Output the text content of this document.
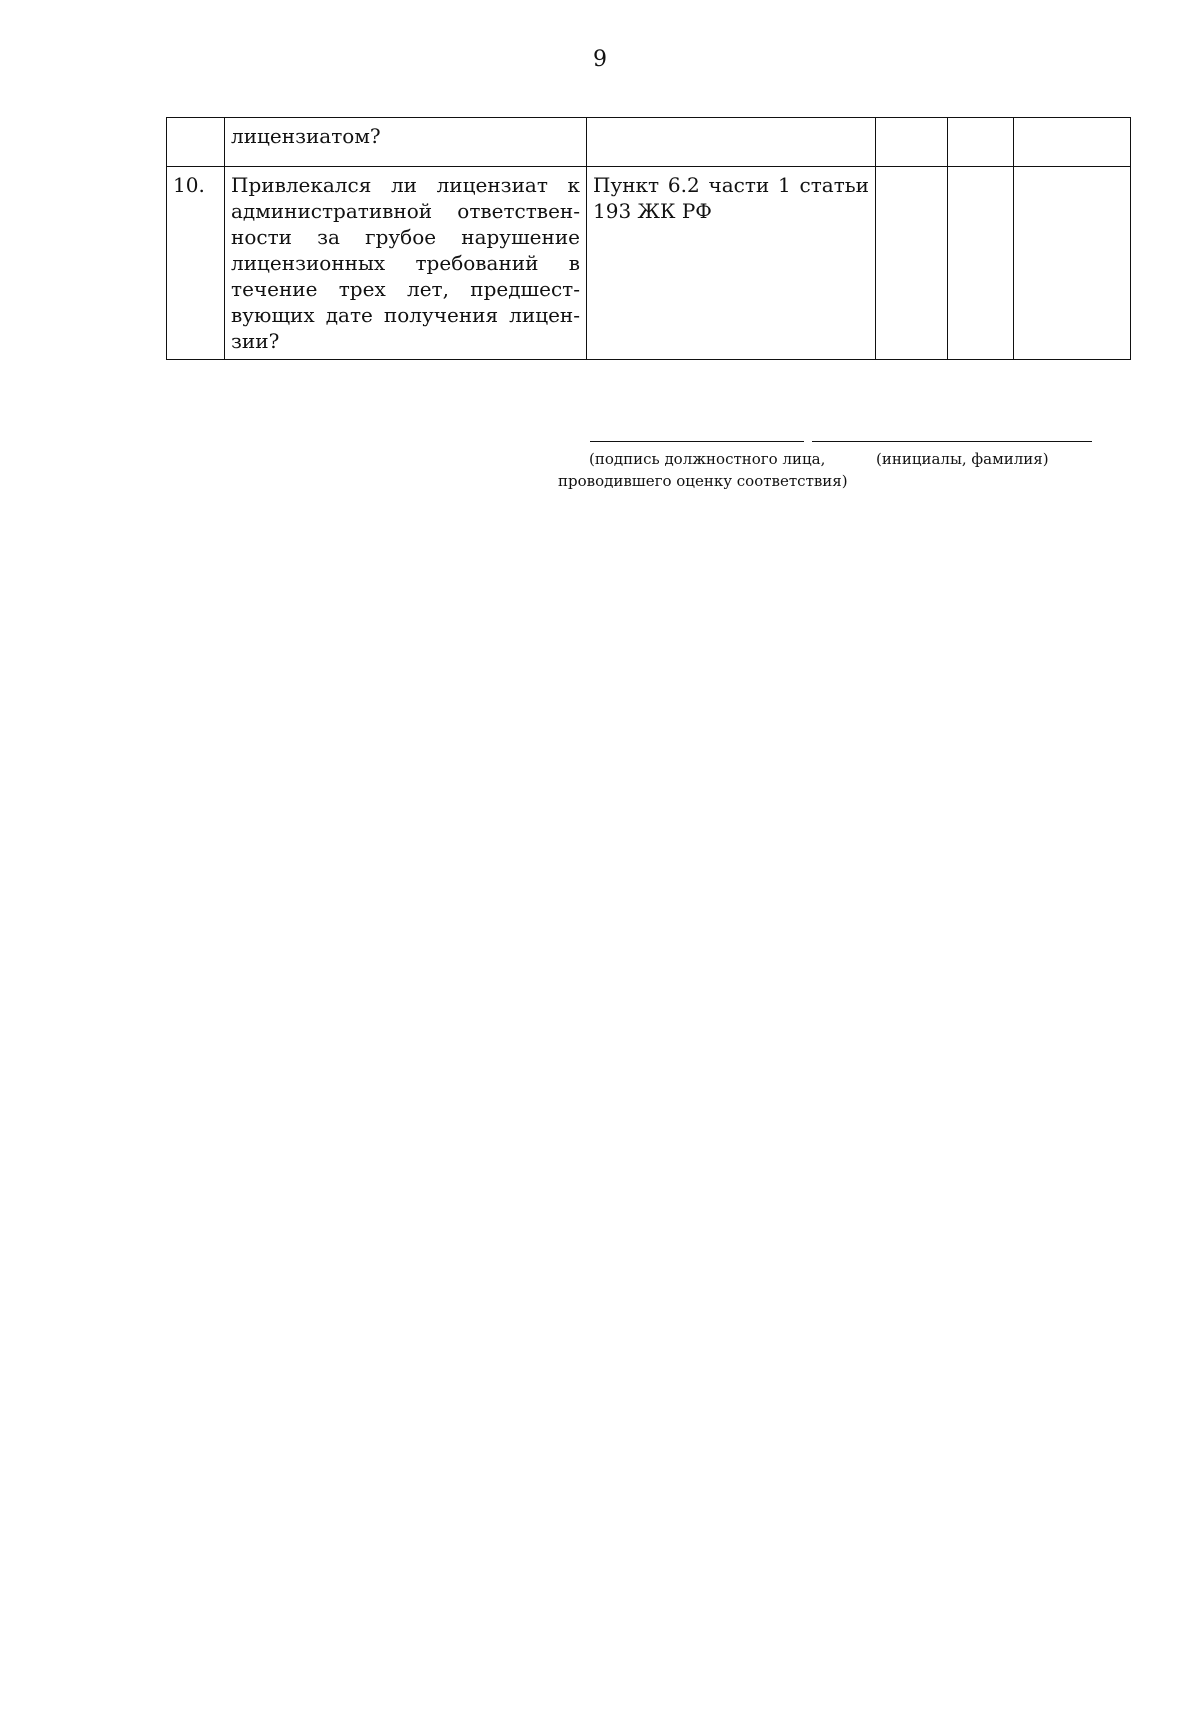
9
	лицензиатом?				
10.	Привлекался ли лицензиат к административной ответствен-ности за грубое нарушение лицензионных требований в течение трех лет, предшест-вующих дате получения лицен-зии?	Пункт 6.2 части 1 статьи 193 ЖК РФ			
(подпись должностного лица,
проводившего оценку соответствия)
(инициалы, фамилия)
